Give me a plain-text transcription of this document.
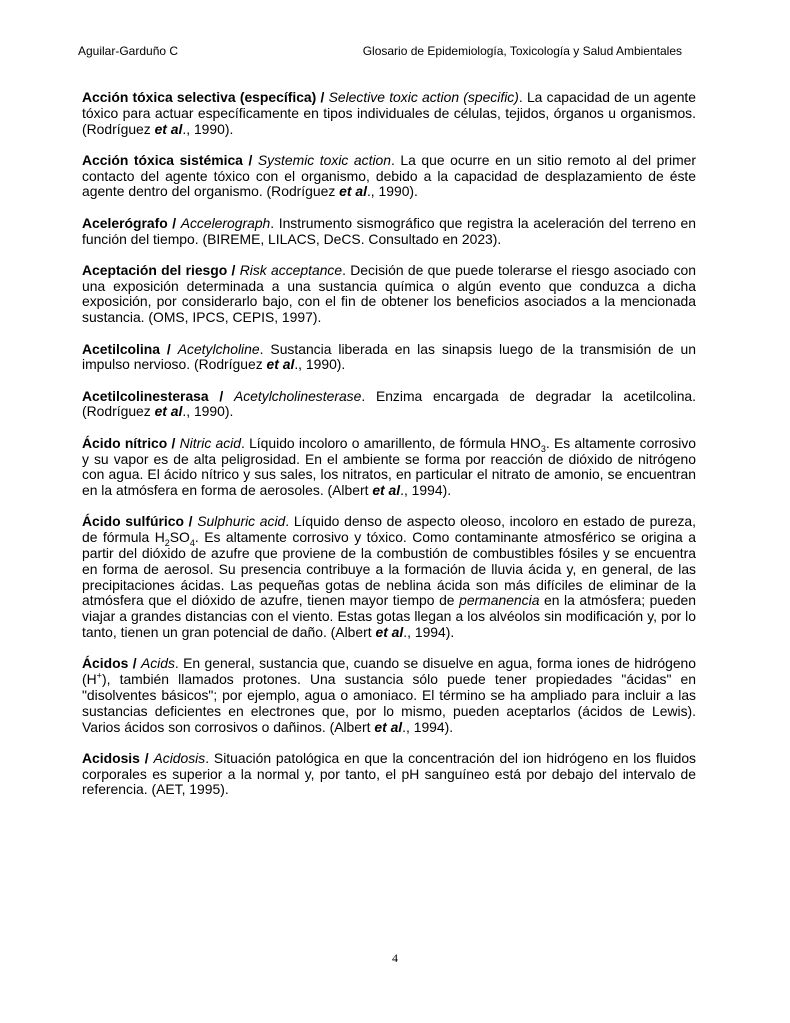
Aguilar-Garduño C	Glosario de Epidemiología, Toxicología y Salud Ambientales

Acción tóxica selectiva (específica) / Selective toxic action (specific). La capacidad de un agente tóxico para actuar específicamente en tipos individuales de células, tejidos, órganos u organismos. (Rodríguez et al., 1990).

Acción tóxica sistémica / Systemic toxic action. La que ocurre en un sitio remoto al del primer contacto del agente tóxico con el organismo, debido a la capacidad de desplazamiento de éste agente dentro del organismo. (Rodríguez et al., 1990).

Acelerógrafo / Accelerograph. Instrumento sismográfico que registra la aceleración del terreno en función del tiempo. (BIREME, LILACS, DeCS. Consultado en 2023).

Aceptación del riesgo / Risk acceptance. Decisión de que puede tolerarse el riesgo asociado con una exposición determinada a una sustancia química o algún evento que conduzca a dicha exposición, por considerarlo bajo, con el fin de obtener los beneficios asociados a la mencionada sustancia. (OMS, IPCS, CEPIS, 1997).

Acetilcolina / Acetylcholine. Sustancia liberada en las sinapsis luego de la transmisión de un impulso nervioso. (Rodríguez et al., 1990).

Acetilcolinesterasa / Acetylcholinesterase. Enzima encargada de degradar la acetilcolina. (Rodríguez et al., 1990).

Ácido nítrico / Nitric acid. Líquido incoloro o amarillento, de fórmula $HNO_3$. Es altamente corrosivo y su vapor es de alta peligrosidad. En el ambiente se forma por reacción de dióxido de nitrógeno con agua. El ácido nítrico y sus sales, los nitratos, en particular el nitrato de amonio, se encuentran en la atmósfera en forma de aerosoles. (Albert et al., 1994).

Ácido sulfúrico / Sulphuric acid. Líquido denso de aspecto oleoso, incoloro en estado de pureza, de fórmula $H_2SO_4$. Es altamente corrosivo y tóxico. Como contaminante atmosférico se origina a partir del dióxido de azufre que proviene de la combustión de combustibles fósiles y se encuentra en forma de aerosol. Su presencia contribuye a la formación de lluvia ácida y, en general, de las precipitaciones ácidas. Las pequeñas gotas de neblina ácida son más difíciles de eliminar de la atmósfera que el dióxido de azufre, tienen mayor tiempo de permanencia en la atmósfera; pueden viajar a grandes distancias con el viento. Estas gotas llegan a los alvéolos sin modificación y, por lo tanto, tienen un gran potencial de daño. (Albert et al., 1994).

Ácidos / Acids. En general, sustancia que, cuando se disuelve en agua, forma iones de hidrógeno (H+), también llamados protones. Una sustancia sólo puede tener propiedades "ácidas" en "disolventes básicos"; por ejemplo, agua o amoniaco. El término se ha ampliado para incluir a las sustancias deficientes en electrones que, por lo mismo, pueden aceptarlos (ácidos de Lewis). Varios ácidos son corrosivos o dañinos. (Albert et al., 1994).

Acidosis / Acidosis. Situación patológica en que la concentración del ion hidrógeno en los fluidos corporales es superior a la normal y, por tanto, el pH sanguíneo está por debajo del intervalo de referencia. (AET, 1995).

4
